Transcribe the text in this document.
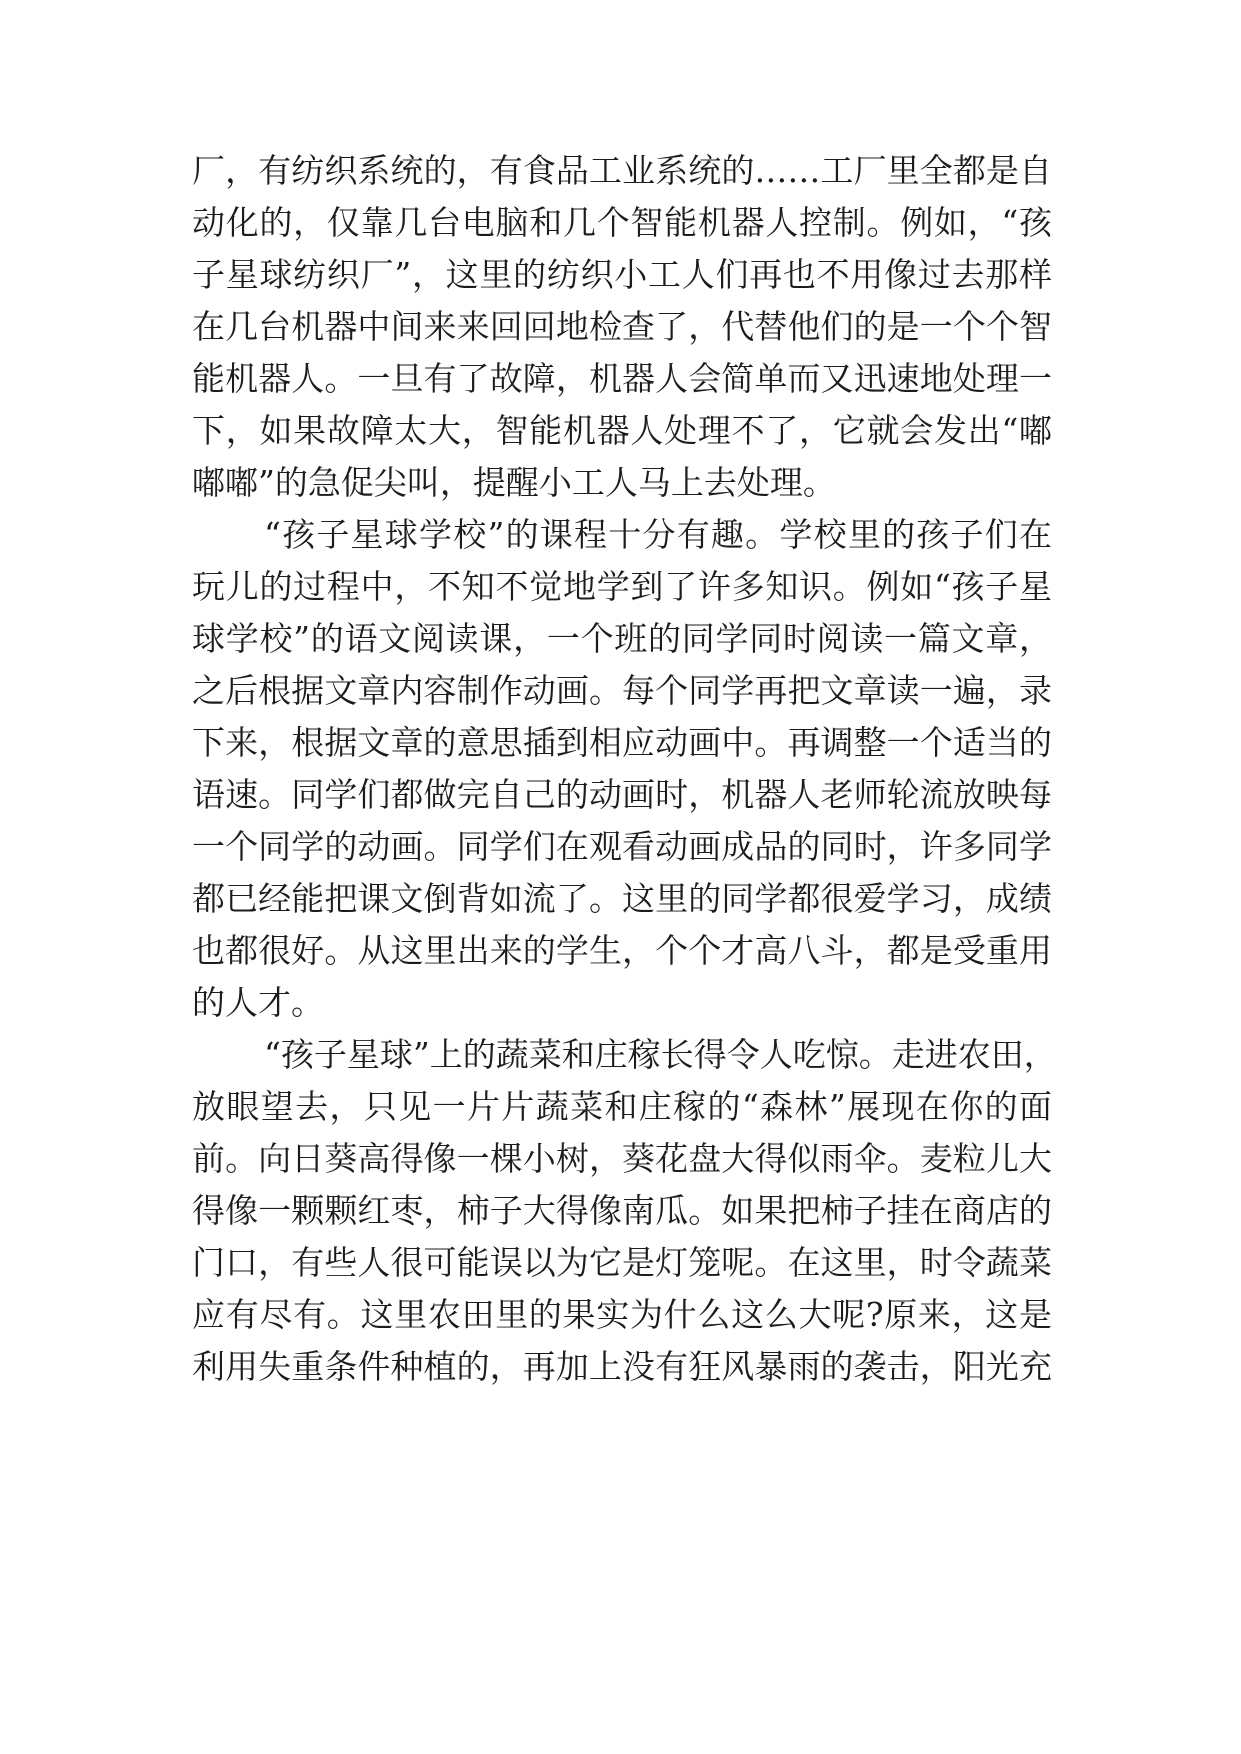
厂，有纺织系统的，有食品工业系统的……工厂里全都是自
动化的，仅靠几台电脑和几个智能机器人控制。例如，“孩
子星球纺织厂”，这里的纺织小工人们再也不用像过去那样
在几台机器中间来来回回地检查了，代替他们的是一个个智
能机器人。一旦有了故障，机器人会简单而又迅速地处理一
下，如果故障太大，智能机器人处理不了，它就会发出“嘟
嘟嘟”的急促尖叫，提醒小工人马上去处理。
“孩子星球学校”的课程十分有趣。学校里的孩子们在
玩儿的过程中，不知不觉地学到了许多知识。例如“孩子星
球学校”的语文阅读课，一个班的同学同时阅读一篇文章，
之后根据文章内容制作动画。每个同学再把文章读一遍，录
下来，根据文章的意思插到相应动画中。再调整一个适当的
语速。同学们都做完自己的动画时，机器人老师轮流放映每
一个同学的动画。同学们在观看动画成品的同时，许多同学
都已经能把课文倒背如流了。这里的同学都很爱学习，成绩
也都很好。从这里出来的学生，个个才高八斗，都是受重用
的人才。
“孩子星球”上的蔬菜和庄稼长得令人吃惊。走进农田，
放眼望去，只见一片片蔬菜和庄稼的“森林”展现在你的面
前。向日葵高得像一棵小树，葵花盘大得似雨伞。麦粒儿大
得像一颗颗红枣，柿子大得像南瓜。如果把柿子挂在商店的
门口，有些人很可能误以为它是灯笼呢。在这里，时令蔬菜
应有尽有。这里农田里的果实为什么这么大呢?原来，这是
利用失重条件种植的，再加上没有狂风暴雨的袭击，阳光充
